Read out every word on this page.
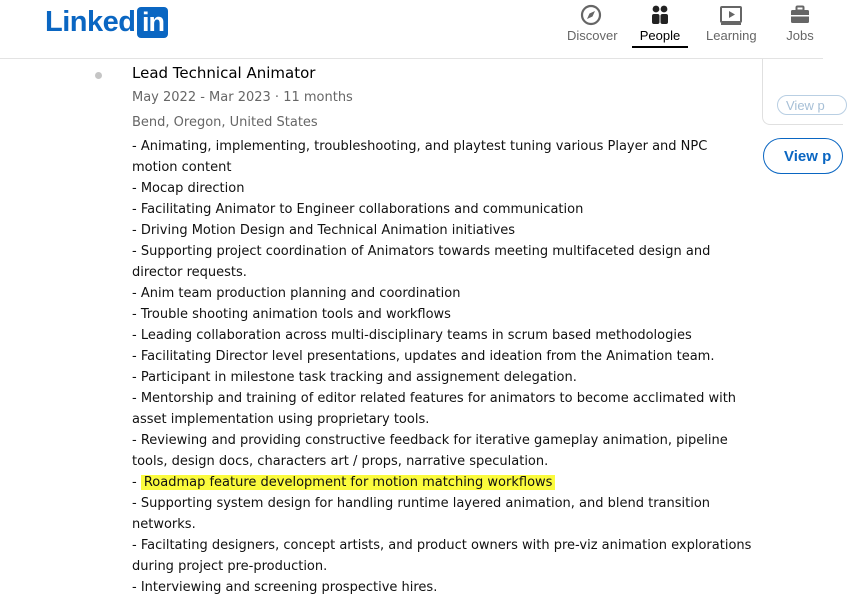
Linked in	Discover	People	Learning Jobs
View p
View p
Lead Technical Animator
May 2022 - Mar 2023 · 11 months
Bend, Oregon, United States
- Animating, implementing, troubleshooting, and playtest tuning various Player and NPC
motion content
- Mocap direction
- Facilitating Animator to Engineer collaborations and communication
- Driving Motion Design and Technical Animation initiatives
- Supporting project coordination of Animators towards meeting multifaceted design and
director requests.
- Anim team production planning and coordination
- Trouble shooting animation tools and workflows
- Leading collaboration across multi-disciplinary teams in scrum based methodologies
- Facilitating Director level presentations, updates and ideation from the Animation team.
- Participant in milestone task tracking and assignement delegation.
- Mentorship and training of editor related features for animators to become acclimated with
asset implementation using proprietary tools.
- Reviewing and providing constructive feedback for iterative gameplay animation, pipeline
tools, design docs, characters art / props, narrative speculation.
- Roadmap feature development for motion matching workflows
- Supporting system design for handling runtime layered animation, and blend transition
networks.
- Faciltating designers, concept artists, and product owners with pre-viz animation explorations
during project pre-production.
- Interviewing and screening prospective hires.
